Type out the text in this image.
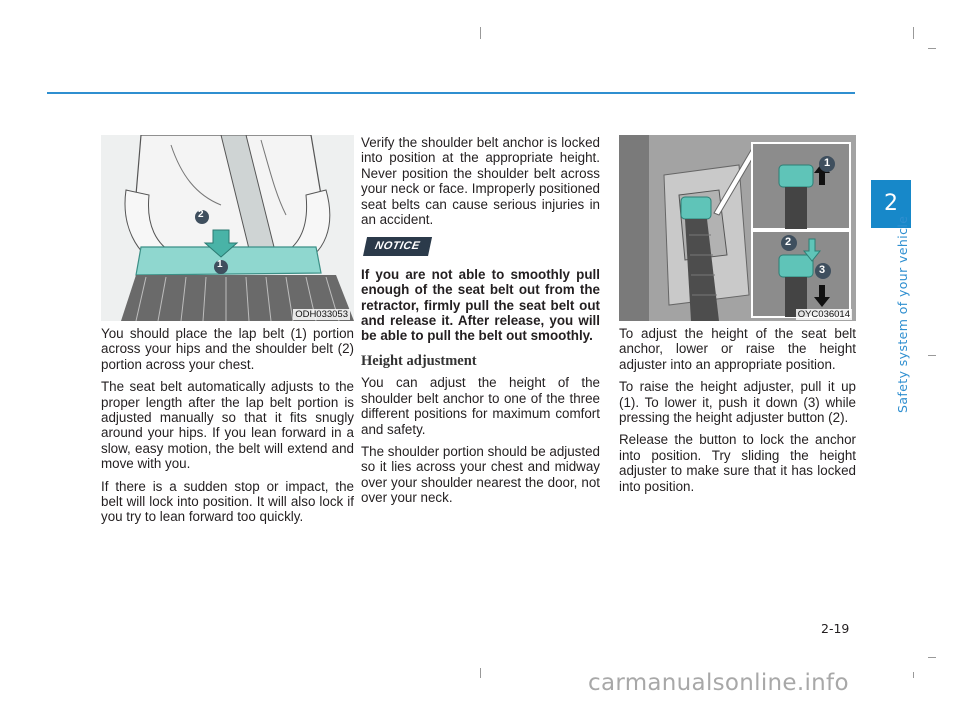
2
Safety system of your vehicle
1
2
ODH033053

You should place the lap belt (1) portion across your hips and the shoulder belt (2) portion across your chest.

The seat belt automatically adjusts to the proper length after the lap belt portion is adjusted manually so that it fits snugly around your hips. If you lean forward in a slow, easy motion, the belt will extend and move with you.

If there is a sudden stop or impact, the belt will lock into position. It will also lock if you try to lean forward too quickly.

Verify the shoulder belt anchor is locked into position at the appropriate height. Never position the shoulder belt across your neck or face. Improperly positioned seat belts can cause serious injuries in an accident.

NOTICE

If you are not able to smoothly pull enough of the seat belt out from the retractor, firmly pull the seat belt out and release it. After release, you will be able to pull the belt out smoothly.

Height adjustment

You can adjust the height of the shoulder belt anchor to one of the three different positions for maximum comfort and safety.

The shoulder portion should be adjusted so it lies across your chest and midway over your shoulder nearest the door, not over your neck.

1
2
3
OYC036014

To adjust the height of the seat belt anchor, lower or raise the height adjuster into an appropriate position.

To raise the height adjuster, pull it up (1). To lower it, push it down (3) while pressing the height adjuster button (2).

Release the button to lock the anchor into position. Try sliding the height adjuster to make sure that it has locked into position.

2-19
carmanualsonline.info
